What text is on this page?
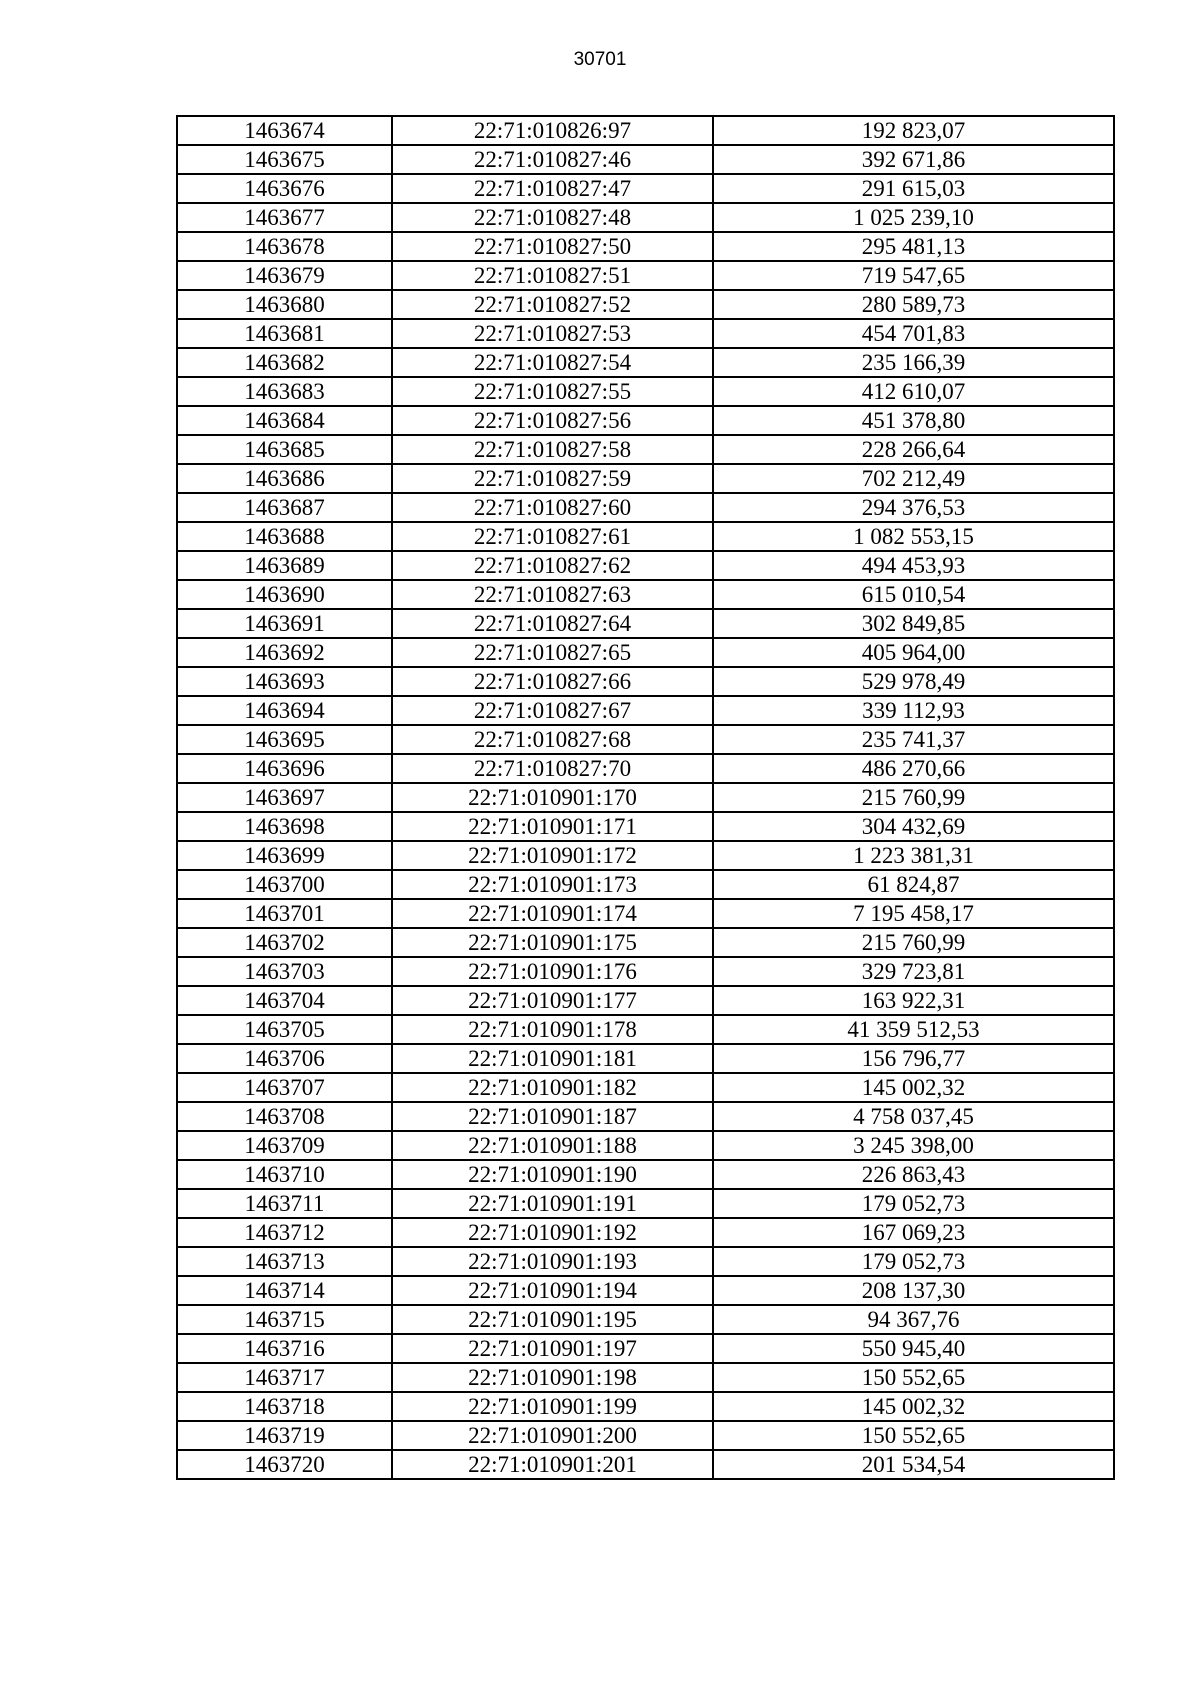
30701
1463674	22:71:010826:97	192 823,07
1463675	22:71:010827:46	392 671,86
1463676	22:71:010827:47	291 615,03
1463677	22:71:010827:48	1 025 239,10
1463678	22:71:010827:50	295 481,13
1463679	22:71:010827:51	719 547,65
1463680	22:71:010827:52	280 589,73
1463681	22:71:010827:53	454 701,83
1463682	22:71:010827:54	235 166,39
1463683	22:71:010827:55	412 610,07
1463684	22:71:010827:56	451 378,80
1463685	22:71:010827:58	228 266,64
1463686	22:71:010827:59	702 212,49
1463687	22:71:010827:60	294 376,53
1463688	22:71:010827:61	1 082 553,15
1463689	22:71:010827:62	494 453,93
1463690	22:71:010827:63	615 010,54
1463691	22:71:010827:64	302 849,85
1463692	22:71:010827:65	405 964,00
1463693	22:71:010827:66	529 978,49
1463694	22:71:010827:67	339 112,93
1463695	22:71:010827:68	235 741,37
1463696	22:71:010827:70	486 270,66
1463697	22:71:010901:170	215 760,99
1463698	22:71:010901:171	304 432,69
1463699	22:71:010901:172	1 223 381,31
1463700	22:71:010901:173	61 824,87
1463701	22:71:010901:174	7 195 458,17
1463702	22:71:010901:175	215 760,99
1463703	22:71:010901:176	329 723,81
1463704	22:71:010901:177	163 922,31
1463705	22:71:010901:178	41 359 512,53
1463706	22:71:010901:181	156 796,77
1463707	22:71:010901:182	145 002,32
1463708	22:71:010901:187	4 758 037,45
1463709	22:71:010901:188	3 245 398,00
1463710	22:71:010901:190	226 863,43
1463711	22:71:010901:191	179 052,73
1463712	22:71:010901:192	167 069,23
1463713	22:71:010901:193	179 052,73
1463714	22:71:010901:194	208 137,30
1463715	22:71:010901:195	94 367,76
1463716	22:71:010901:197	550 945,40
1463717	22:71:010901:198	150 552,65
1463718	22:71:010901:199	145 002,32
1463719	22:71:010901:200	150 552,65
1463720	22:71:010901:201	201 534,54
